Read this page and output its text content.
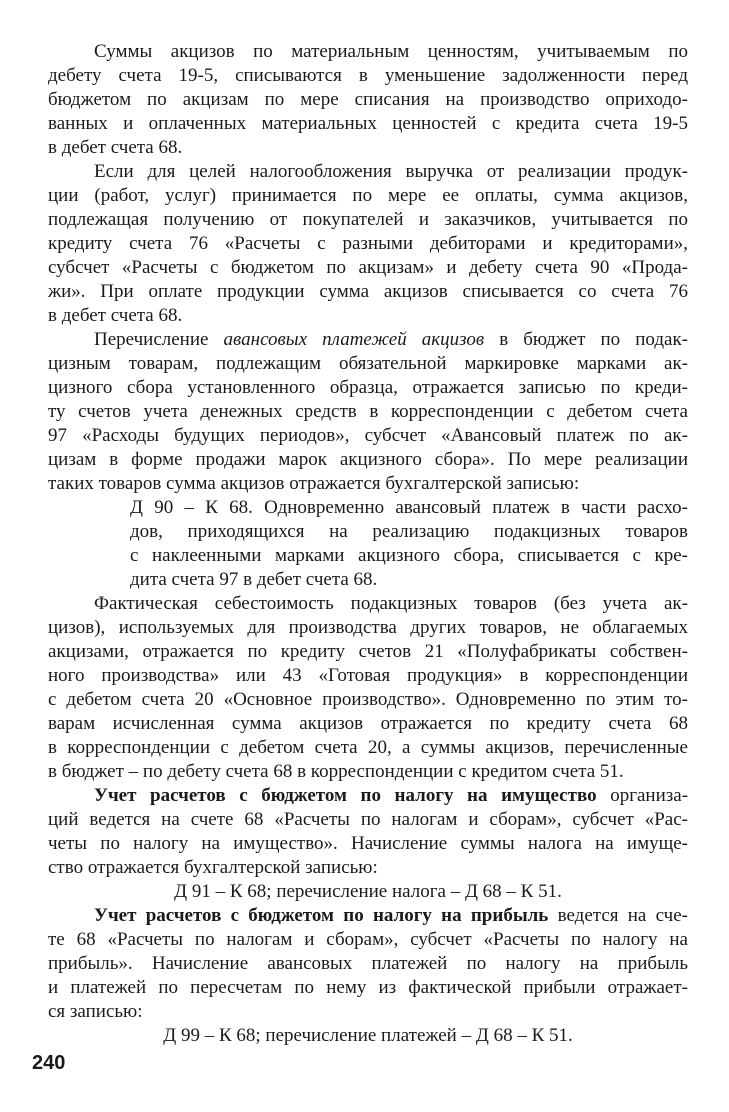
Суммы акцизов по материальным ценностям, учитываемым по
дебету счета 19-5, списываются в уменьшение задолженности перед
бюджетом по акцизам по мере списания на производство оприходо-
ванных и оплаченных материальных ценностей с кредита счета 19-5
в дебет счета 68.
Если для целей налогообложения выручка от реализации продук-
ции (работ, услуг) принимается по мере ее оплаты, сумма акцизов,
подлежащая получению от покупателей и заказчиков, учитывается по
кредиту счета 76 «Расчеты с разными дебиторами и кредиторами»,
субсчет «Расчеты с бюджетом по акцизам» и дебету счета 90 «Прода-
жи». При оплате продукции сумма акцизов списывается со счета 76
в дебет счета 68.
Перечисление авансовых платежей акцизов в бюджет по подак-
цизным товарам, подлежащим обязательной маркировке марками ак-
цизного сбора установленного образца, отражается записью по креди-
ту счетов учета денежных средств в корреспонденции с дебетом счета
97 «Расходы будущих периодов», субсчет «Авансовый платеж по ак-
цизам в форме продажи марок акцизного сбора». По мере реализации
таких товаров сумма акцизов отражается бухгалтерской записью:
Д 90 – К 68. Одновременно авансовый платеж в части расхо-
дов, приходящихся на реализацию подакцизных товаров
с наклеенными марками акцизного сбора, списывается с кре-
дита счета 97 в дебет счета 68.
Фактическая себестоимость подакцизных товаров (без учета ак-
цизов), используемых для производства других товаров, не облагаемых
акцизами, отражается по кредиту счетов 21 «Полуфабрикаты собствен-
ного производства» или 43 «Готовая продукция» в корреспонденции
с дебетом счета 20 «Основное производство». Одновременно по этим то-
варам исчисленная сумма акцизов отражается по кредиту счета 68
в корреспонденции с дебетом счета 20, а суммы акцизов, перечисленные
в бюджет – по дебету счета 68 в корреспонденции с кредитом счета 51.
Учет расчетов с бюджетом по налогу на имущество организа-
ций ведется на счете 68 «Расчеты по налогам и сборам», субсчет «Рас-
четы по налогу на имущество». Начисление суммы налога на имуще-
ство отражается бухгалтерской записью:
Д 91 – К 68; перечисление налога – Д 68 – К 51.
Учет расчетов с бюджетом по налогу на прибыль ведется на сче-
те 68 «Расчеты по налогам и сборам», субсчет «Расчеты по налогу на
прибыль». Начисление авансовых платежей по налогу на прибыль
и платежей по пересчетам по нему из фактической прибыли отражает-
ся записью:
Д 99 – К 68; перечисление платежей – Д 68 – К 51.
240
